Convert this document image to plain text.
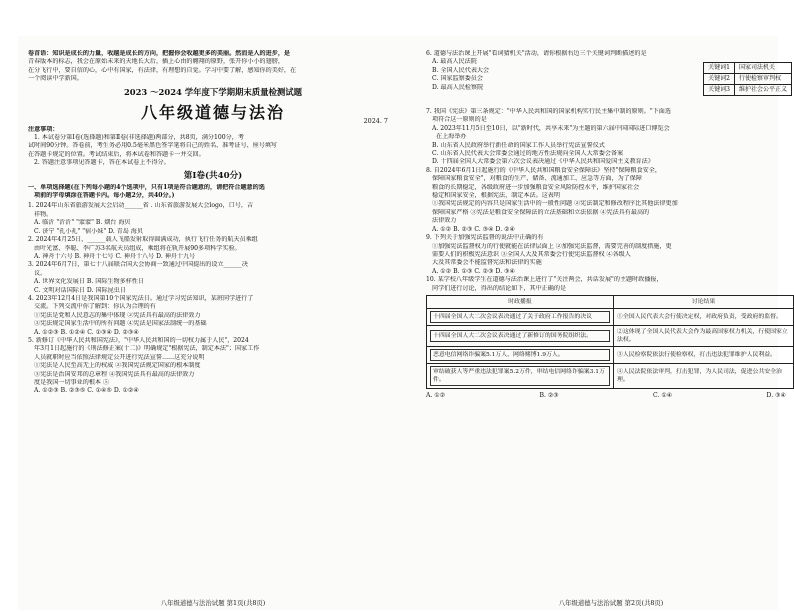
卷首语：知识是成长的力量，收越是成长的方向，把握你会收越更多的美丽。然而是人的进步，是

青春版本的标志，我会在原始未来的天地长大后，插上心由的翱翔的原野，张开你小小的翅膀，

在分飞行中，要自信的心，心中有国家，有法律，有理想的自觉。学习中要了解，感知你的美好，在

一个阅读中学新国。

2023 ～2024 学年度下学期期末质量检测试题
八年级道德与法治	2024. 7

注意事项：

1. 本试卷分第Ⅰ卷(选择题)和第Ⅱ卷(非选择题)两部分，共8页，满分100分，考

试时间90分钟。答卷前，考生务必用0.5毫米黑色签字笔将自己的姓名、准考证号、座号填写

在答题卡规定的位置。考试结束后，将本试卷和答题卡一并交回。

2. 答题注意事项见答题卡，答在本试卷上不得分。

第Ⅰ卷(共40分)

一、单项选择题(在下列每小题的4个选项中，只有1项是符合题意的，请把符合题意的选

项前的字母填涂在答题卡内。每小题2分，共40分。)

1. 2024年山东省旅游发展大会启动______省 . 山东省旅游发展大会logo，口号，吉

祥物。

A. 临沂 "沂沂" "蒙蒙" B. 烟台 海贝

C. 济宁 "孔小礼" "宿小妹" D. 青岛 海贝

2. 2024年4月25日，______载人飞船发射取得圆满成功，执行飞行任务的航天员乘组

由叶光富、李聪、李广苏3名航天员组成，乘组将在轨开展90多项科学实验。

A. 神舟十六号 B. 神舟十七号 C. 神舟十八号 D. 神舟十九号

3. 2024年6月7日，第七十八届联合国大会协商一致通过中国提出的设立______决

议。

A. 世界文化发展日 B. 国际生物多样性日

C. 文明对话国际日 D. 国际昆虫日

4. 2023年12月4日是我国第10个国家宪法日。通过学习宪法知识，某班同学进行了

交流。下列交流中你了解到：你认为合理的有

①宪法是党和人民意志的集中体现 ②宪法具有最高的法律效力

③宪法规定国家生活中的所有问题 ④宪法是国家法制统一的基础

A. ①②③ B. ①②④ C. ①③④ D. ②③④

5. 新修订《中华人民共和国宪法》，"中华人民共和国的一切权力属于人民"，2024

年3月1日起施行的《刑法修正案(十二)》明确规定"根据宪法，制定本法"；国家工作

人员就职时应当依照法律规定公开进行宪法宣誓……这充分说明

①宪法是人民至高无上的权威 ②我国宪法规定国家的根本制度

③宪法是治国安邦的总章程 ④我国宪法具有最高的法律效力

度是我国一切事业的根本 ⑤

A. ①②③ B. ②③⑤ C. ①④⑤ D. ①②④

八年级道德与法治试题 第1页(共8页)

6. 道德与法治课上开展"看词猜机关"活动，请你根据右边三个关键词判断描述的是

A. 最高人民法院

B. 全国人民代表大会

C. 国家监察委员会

D. 最高人民检察院

关键词1	国家司法机关
关键词2	行使检察审判权
关键词3	维护社会公平正义

7. 我国《宪法》第三条规定："中华人民共和国的国家机构实行民主集中制的原则。"下面选

项符合这一原则的是

A. 2023年11月5日至10日，以"新时代，共享未来"为主题的第六届中国国际进口博览会

在上海举办

B. 山东省人民政府举行新任命的国家工作人员举行宪法宣誓仪式

C. 山东省人民代表大会常委会通过的地方性法规向全国人大常委会备案

D. 十四届全国人大常委会第六次会议表决通过《中华人民共和国爱国主义教育法》

8. 自2024年6月1日起施行的《中华人民共和国粮食安全保障法》坚持"保障粮食安全，

保障国家粮食安全"，对粮食的生产、储备、流通加工、应急等方面，为了保障

粮食的长期稳定，各级政府进一步加强粮食安全风险防控水平，维护国家社会

稳定和国家安全，根据宪法，制定本法。这表明

①我国宪法规定的内容只是国家生活中的一般性问题 ②宪法制定和修改程序比其他法律更加

保障国家严格 ③宪法是粮食安全保障法的立法基础和立法依据 ④宪法具有最高的

法律效力

A. ①② B. ②③ C. ③④ D. ②④

9. 下列关于加强宪法监督的说法中正确的有

①加强宪法监督权力的行使就能在法律层面上 ②加强宪法监督，需要完善的制度措施，更

需要人们的积极宪法意识 ③全国人大及其常委会行使宪法监督权 ④各级人

大及其常委会不能监督宪法和法律的实施

A. ①② B. ①③ C. ②③ D. ③④

10. 某学校八年级学生在道德与法治课上进行了"关注两会，共话发展"的主题时政播报，

同学们进行讨论，得出的结论如下，其中正确的是

时政播报	讨论结果

十四届全国人大二次会议表决通过了关于政府工作报告的决议	①全国人民代表大会行使决定权，对政府负责，受政府的监督。

十四届全国人大二次会议表决通过了新修订的国务院组织法。	②这体现了全国人民代表大会作为最高国家权力机关，行使国家立法权。

恶意电信网络诈骗案5.1万人，网络赌博1.9万人。	③人民检察院依法行使检察权，打击违法犯罪维护人民利益。

审结破获人等严重违法犯罪案5.2万件，审结电信网络诈骗案3.1万件。	④人民法院依法审判，打击犯罪，为人民司法，促进公共安全治理。
A. ①②	B. ②③	C. ①④	D. ③④
八年级道德与法治试题 第2页(共8页)
